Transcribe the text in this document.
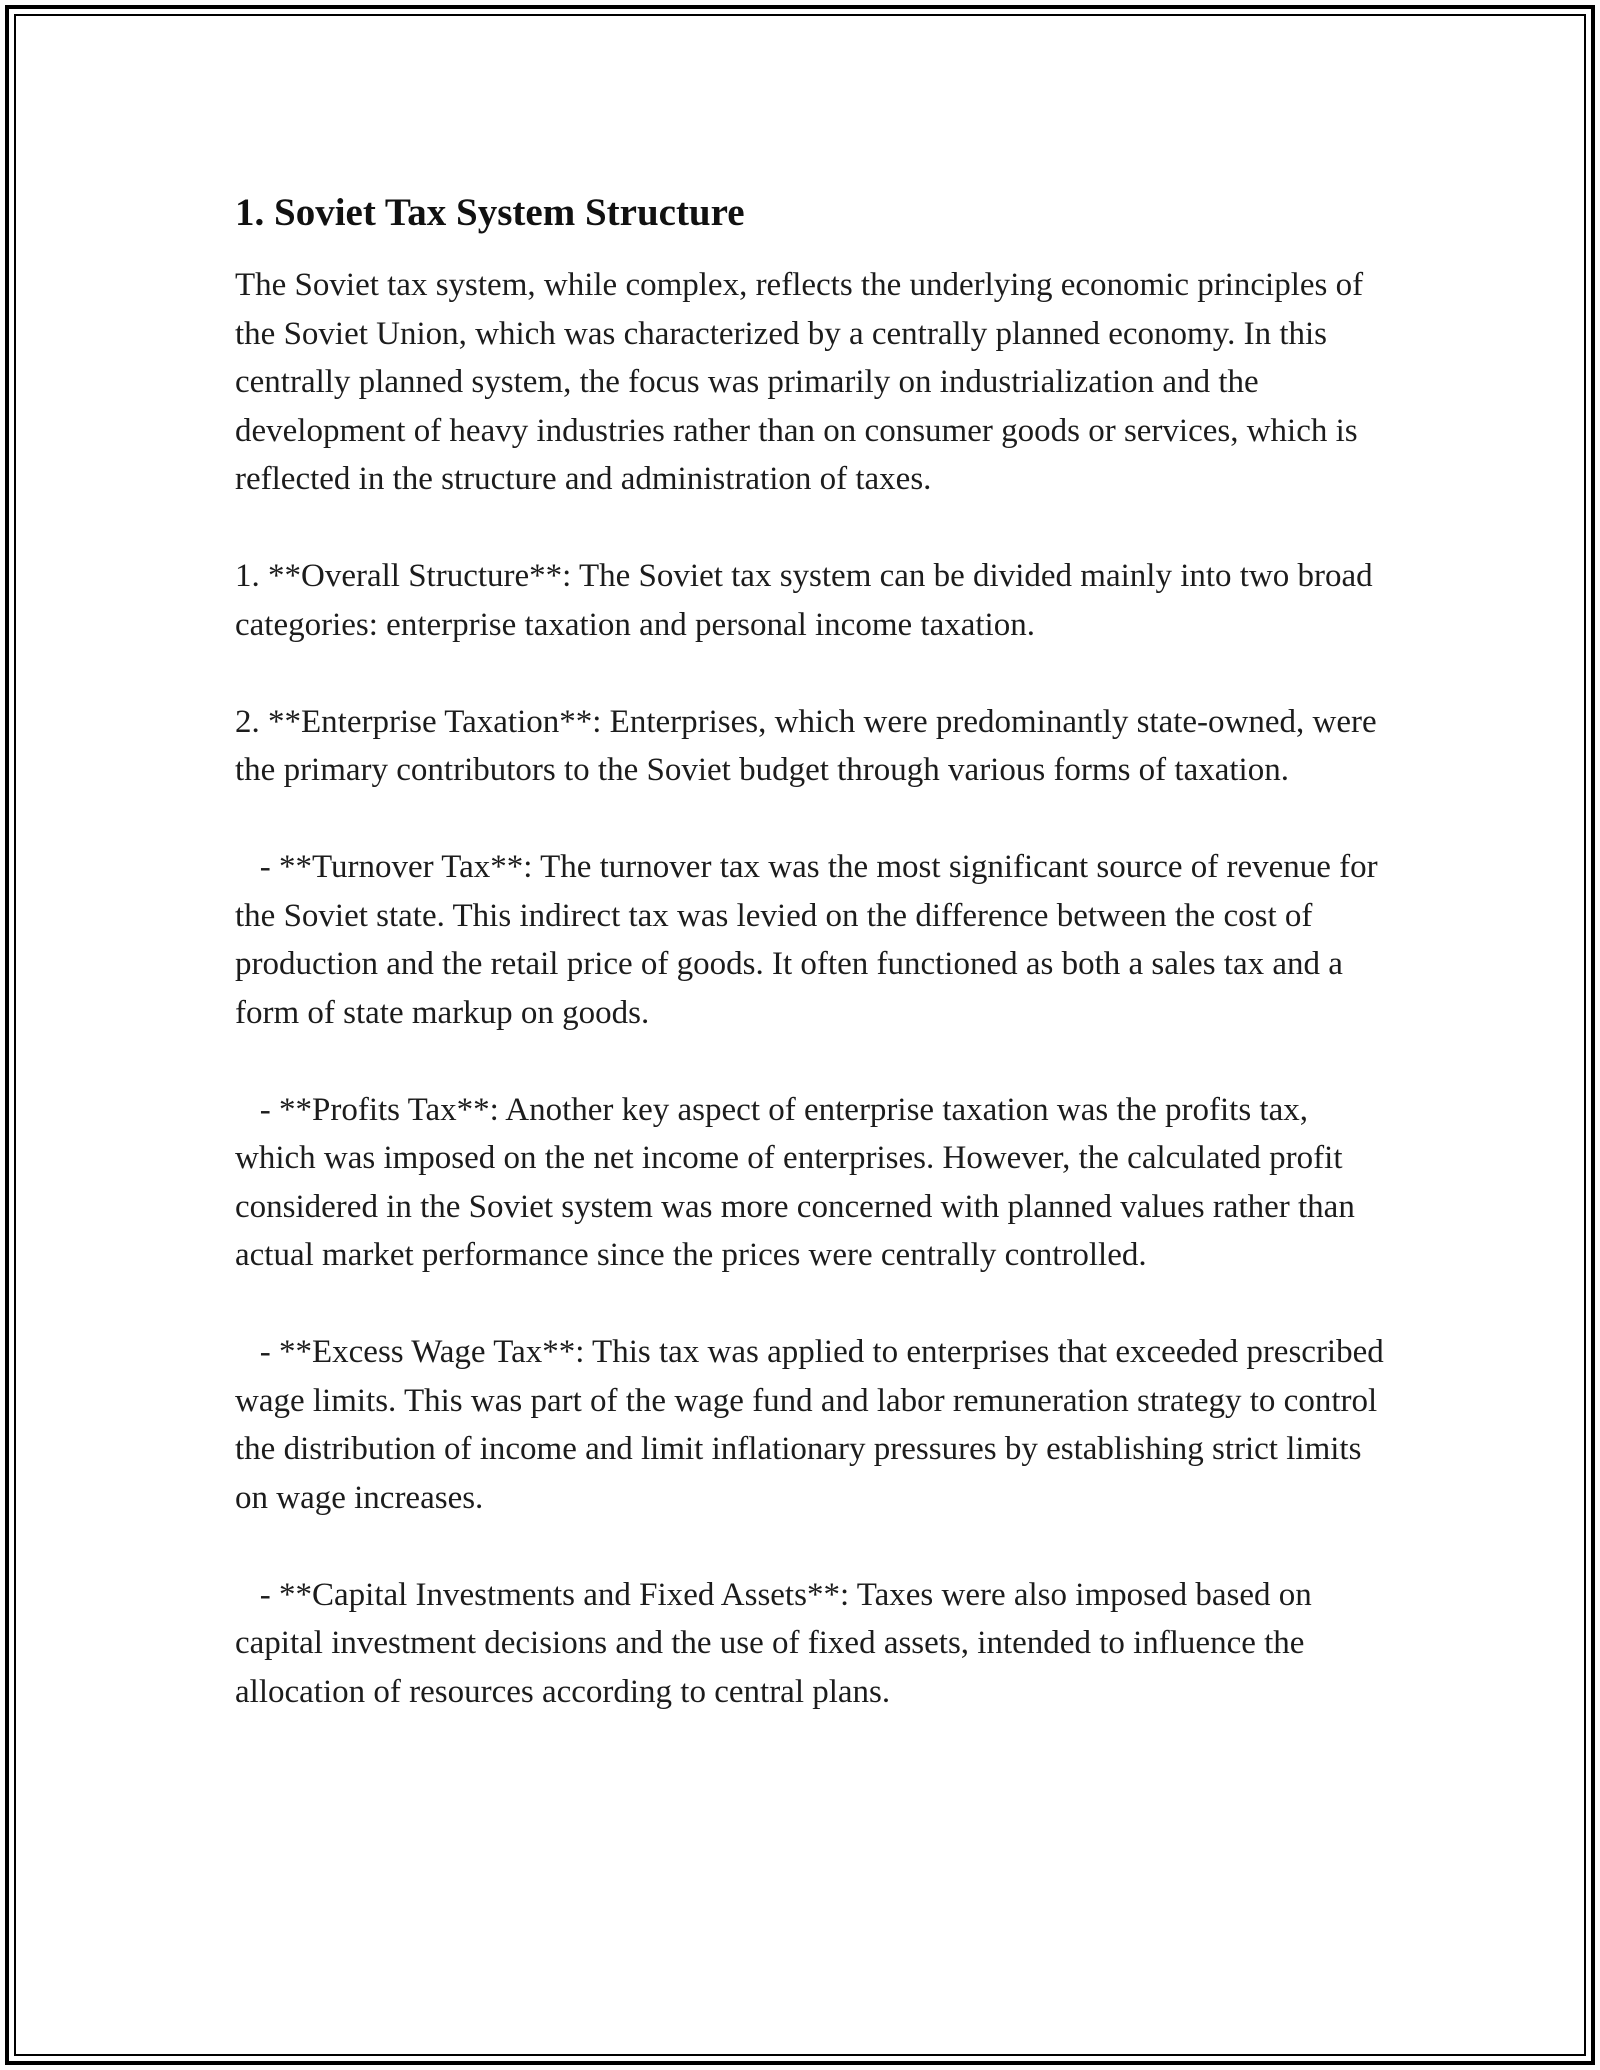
1. Soviet Tax System Structure

The Soviet tax system, while complex, reflects the underlying economic principles of the Soviet Union, which was characterized by a centrally planned economy. In this centrally planned system, the focus was primarily on industrialization and the development of heavy industries rather than on consumer goods or services, which is reflected in the structure and administration of taxes.

1. **Overall Structure**: The Soviet tax system can be divided mainly into two broad categories: enterprise taxation and personal income taxation.

2. **Enterprise Taxation**: Enterprises, which were predominantly state-owned, were the primary contributors to the Soviet budget through various forms of taxation.

- **Turnover Tax**: The turnover tax was the most significant source of revenue for the Soviet state. This indirect tax was levied on the difference between the cost of production and the retail price of goods. It often functioned as both a sales tax and a form of state markup on goods.

- **Profits Tax**: Another key aspect of enterprise taxation was the profits tax, which was imposed on the net income of enterprises. However, the calculated profit considered in the Soviet system was more concerned with planned values rather than actual market performance since the prices were centrally controlled.

- **Excess Wage Tax**: This tax was applied to enterprises that exceeded prescribed wage limits. This was part of the wage fund and labor remuneration strategy to control the distribution of income and limit inflationary pressures by establishing strict limits on wage increases.

- **Capital Investments and Fixed Assets**: Taxes were also imposed based on capital investment decisions and the use of fixed assets, intended to influence the allocation of resources according to central plans.
